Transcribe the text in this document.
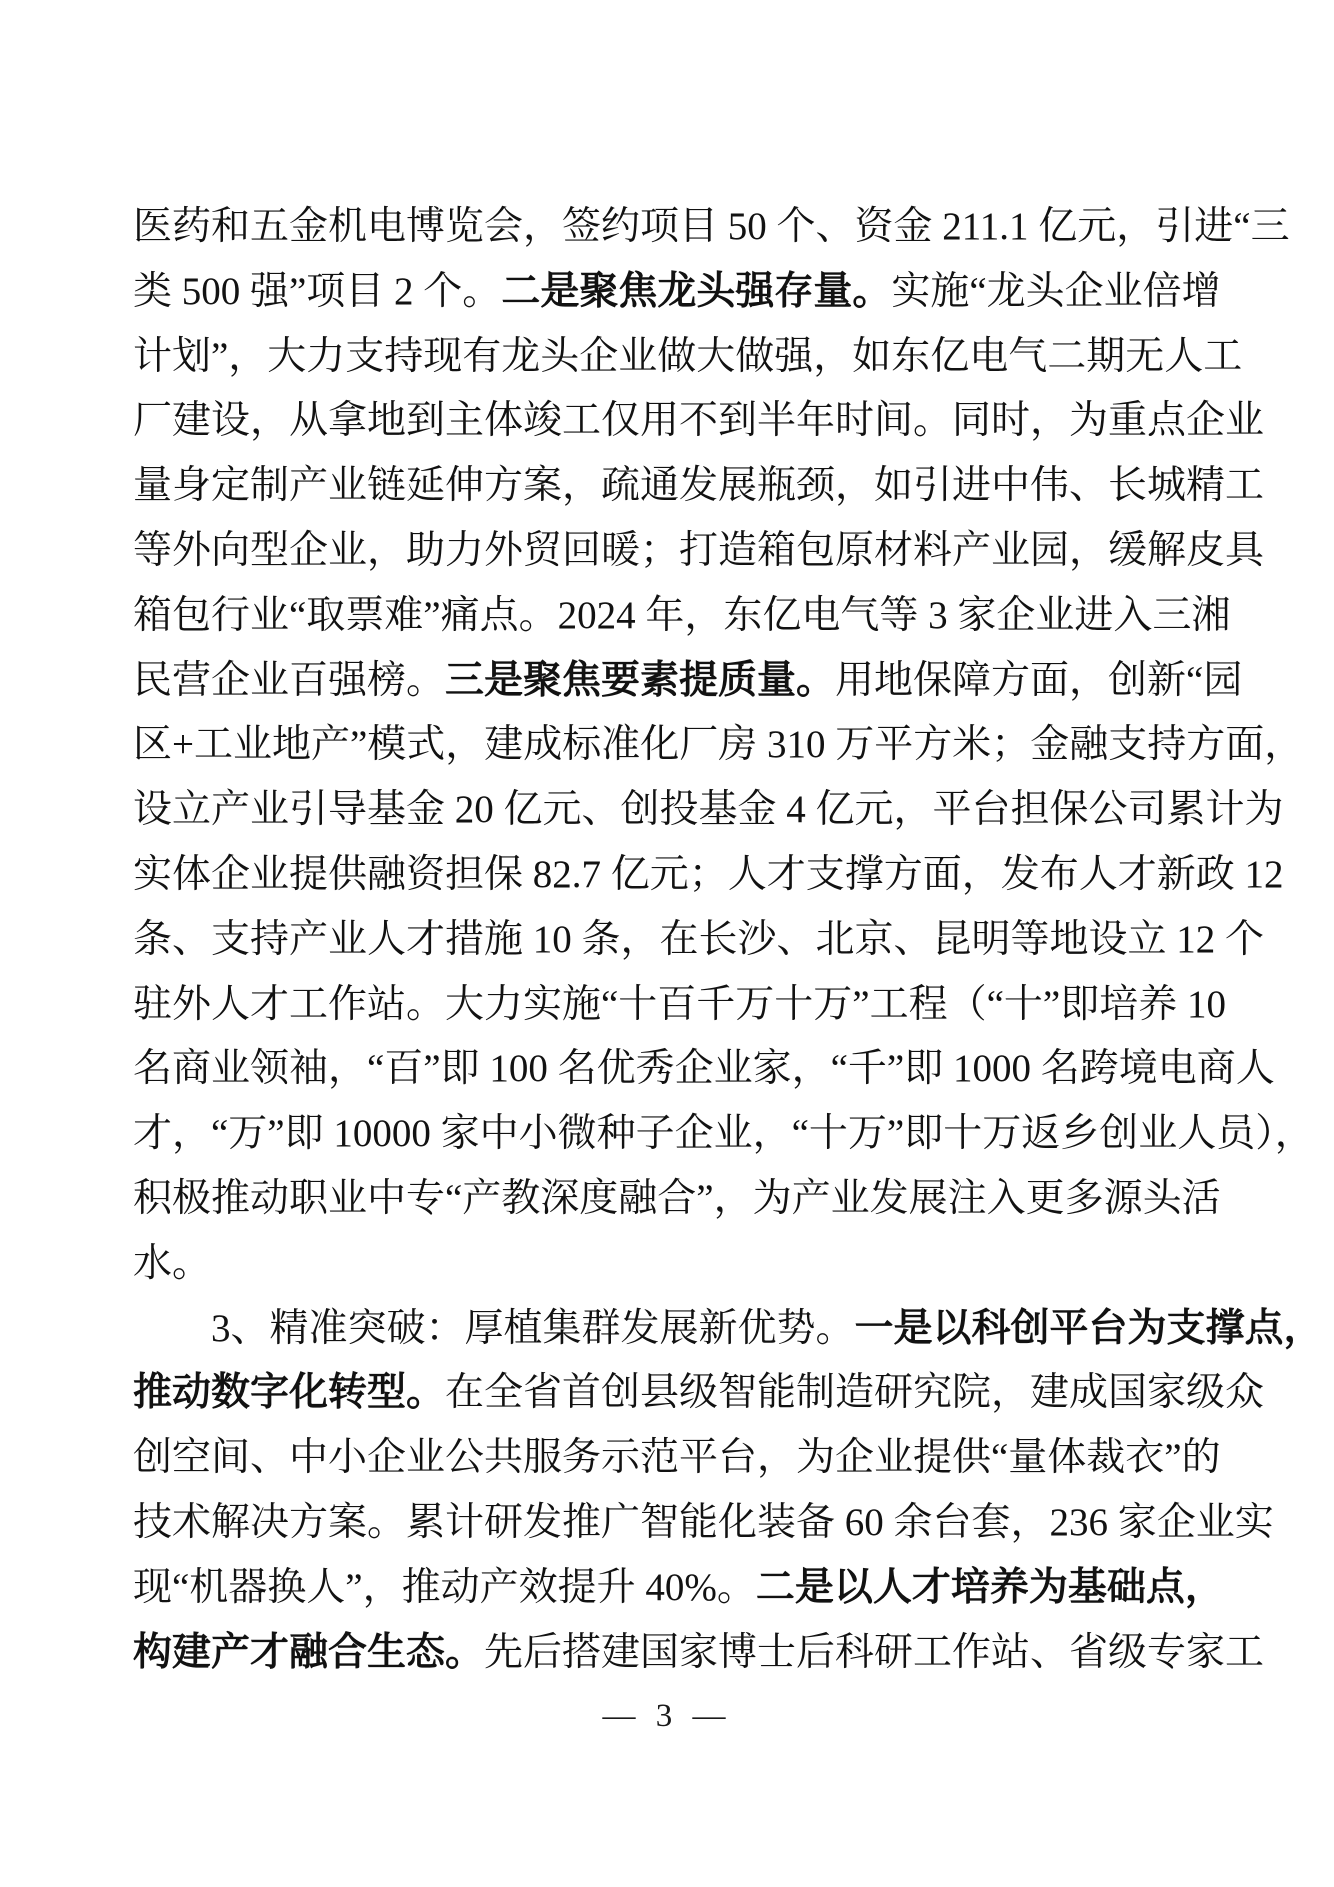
医药和五金机电博览会，签约项目 50 个、资金 211.1 亿元，引进“三
类 500 强”项目 2 个。二是聚焦龙头强存量。实施“龙头企业倍增
计划”，大力支持现有龙头企业做大做强，如东亿电气二期无人工
厂建设，从拿地到主体竣工仅用不到半年时间。同时，为重点企业
量身定制产业链延伸方案，疏通发展瓶颈，如引进中伟、长城精工
等外向型企业，助力外贸回暖；打造箱包原材料产业园，缓解皮具
箱包行业“取票难”痛点。2024 年，东亿电气等 3 家企业进入三湘
民营企业百强榜。三是聚焦要素提质量。用地保障方面，创新“园
区+工业地产”模式，建成标准化厂房 310 万平方米；金融支持方面，
设立产业引导基金 20 亿元、创投基金 4 亿元，平台担保公司累计为
实体企业提供融资担保 82.7 亿元；人才支撑方面，发布人才新政 12
条、支持产业人才措施 10 条，在长沙、北京、昆明等地设立 12 个
驻外人才工作站。大力实施“十百千万十万”工程（“十”即培养 10
名商业领袖，“百”即 100 名优秀企业家，“千”即 1000 名跨境电商人
才，“万”即 10000 家中小微种子企业，“十万”即十万返乡创业人员），
积极推动职业中专“产教深度融合”，为产业发展注入更多源头活
水。
3、精准突破：厚植集群发展新优势。一是以科创平台为支撑点，
推动数字化转型。在全省首创县级智能制造研究院，建成国家级众
创空间、中小企业公共服务示范平台，为企业提供“量体裁衣”的
技术解决方案。累计研发推广智能化装备 60 余台套，236 家企业实
现“机器换人”，推动产效提升 40%。二是以人才培养为基础点，
构建产才融合生态。先后搭建国家博士后科研工作站、省级专家工
— 3 —
